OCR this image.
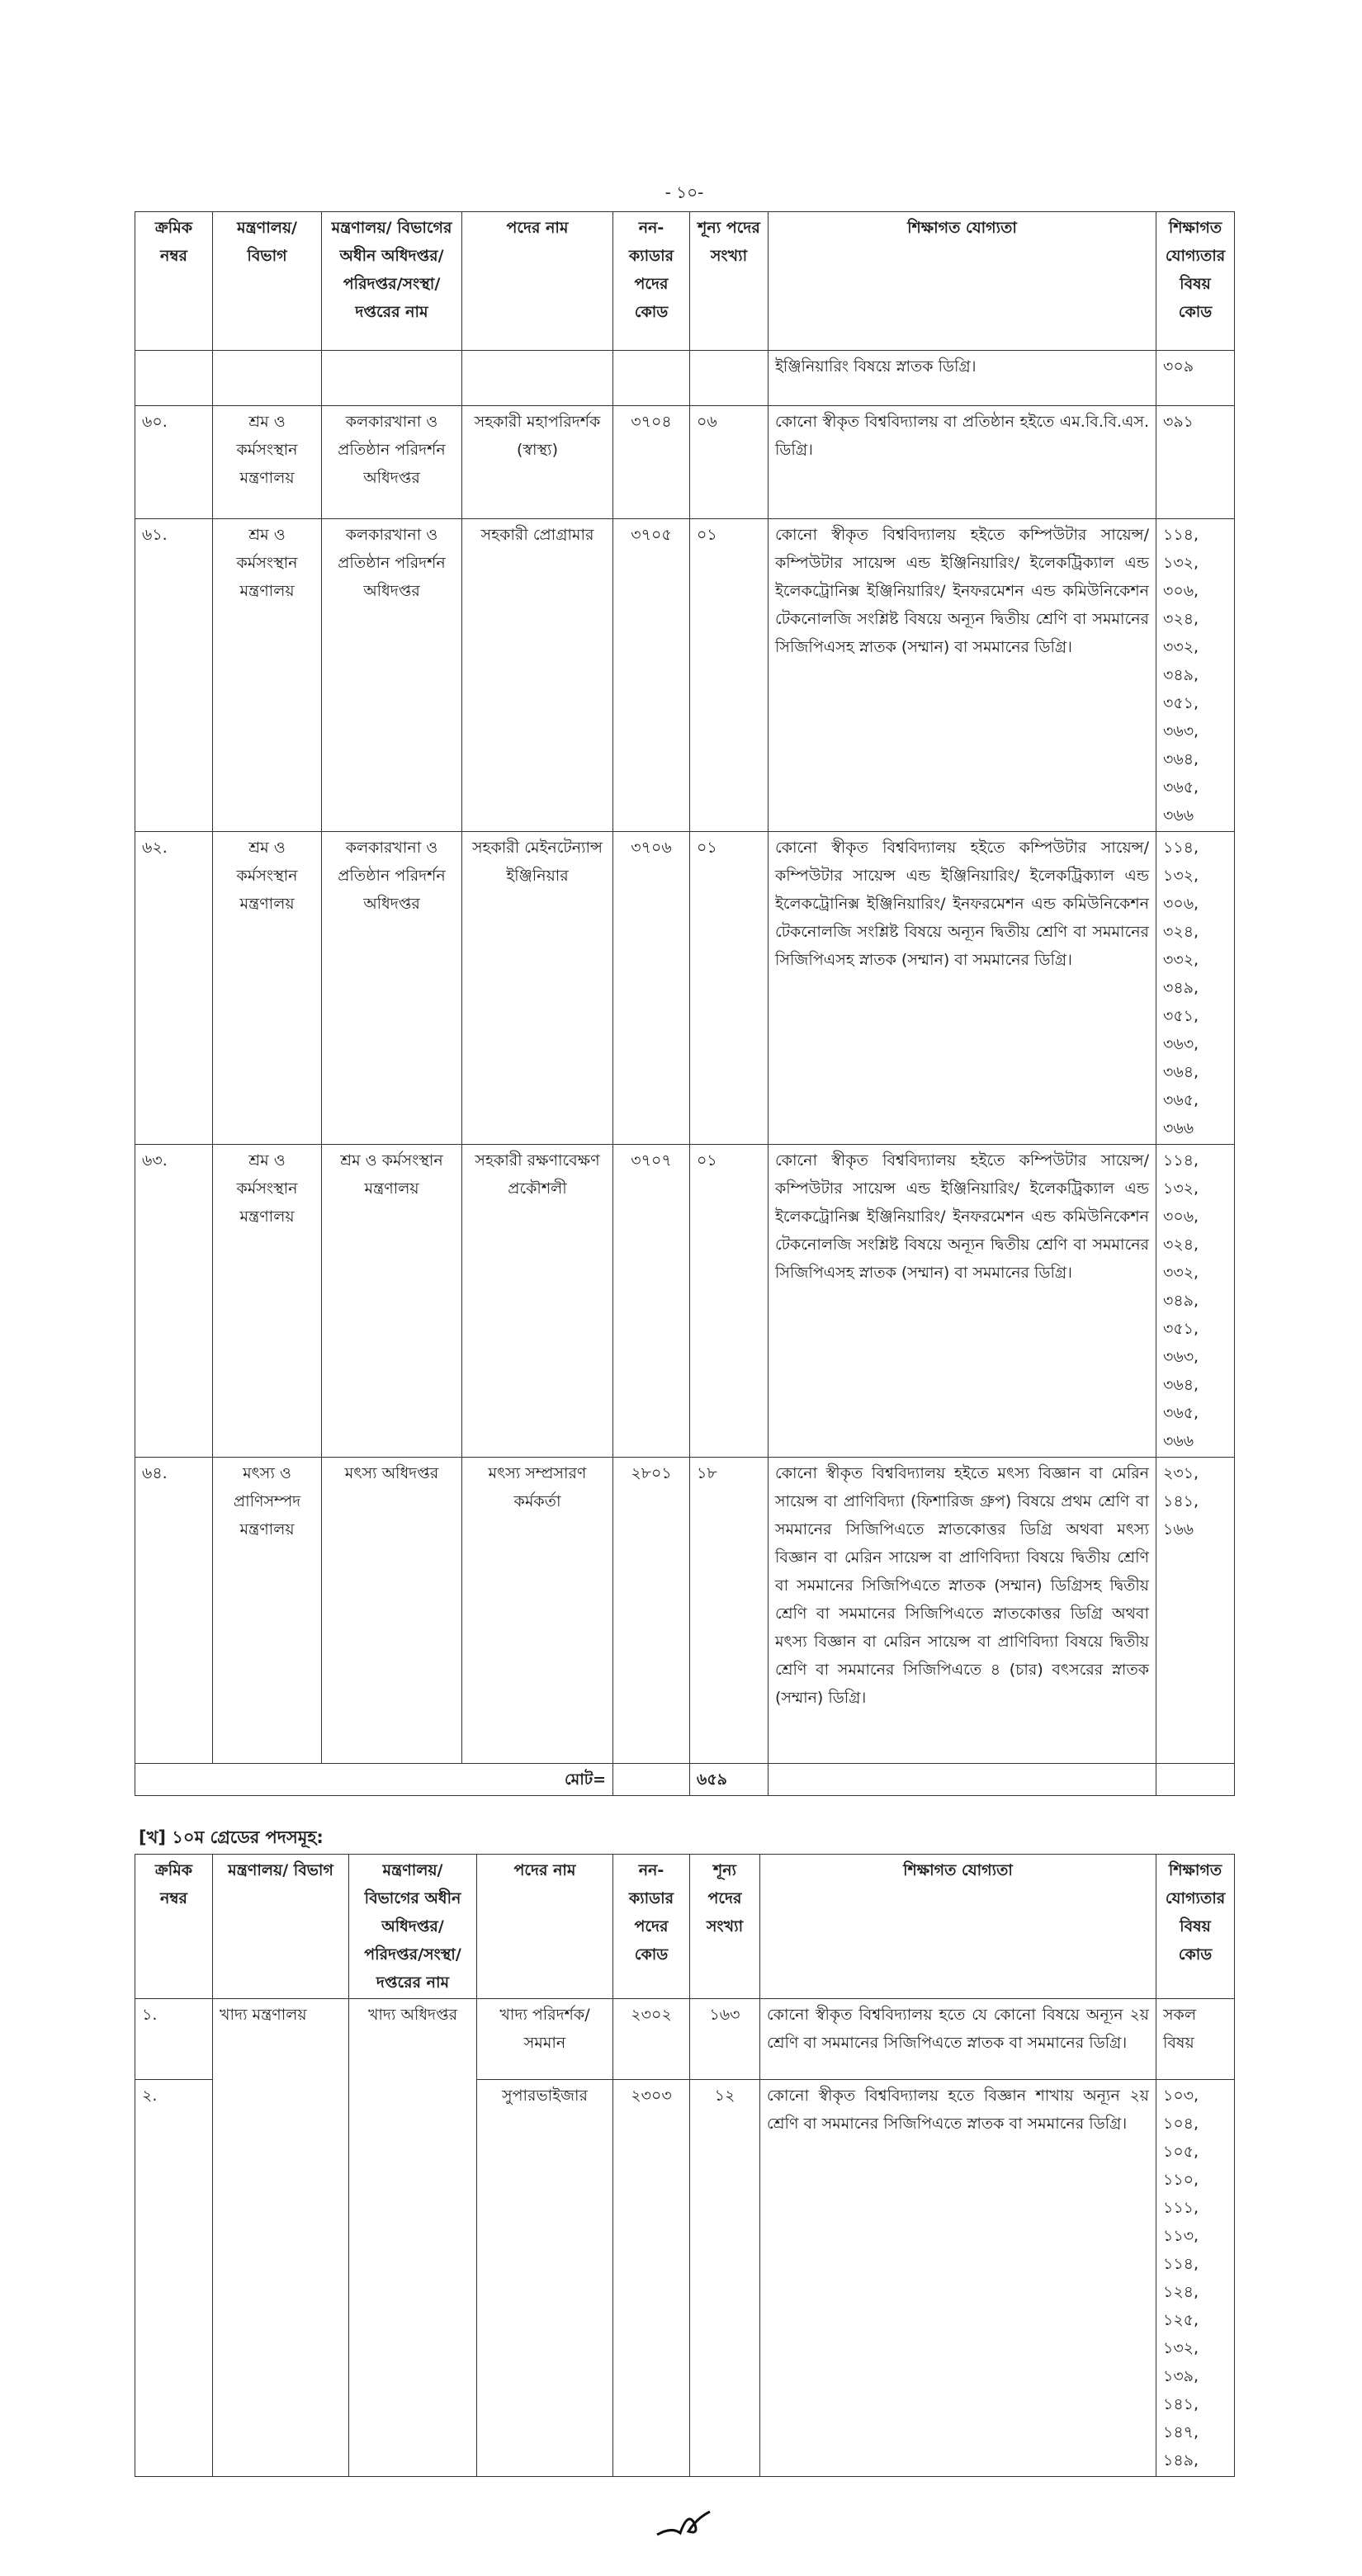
- ১০-
ক্রমিক নম্বর	মন্ত্রণালয়/ বিভাগ	মন্ত্রণালয়/ বিভাগের অধীন অধিদপ্তর/ পরিদপ্তর/সংস্থা/ দপ্তরের নাম	পদের নাম	নন-ক্যাডার পদের কোড	শূন্য পদের সংখ্যা	শিক্ষাগত যোগ্যতা	শিক্ষাগত যোগ্যতার বিষয় কোড
						ইঞ্জিনিয়ারিং বিষয়ে স্নাতক ডিগ্রি।	৩০৯
৬০.	শ্রম ও কর্মসংস্থান মন্ত্রণালয়	কলকারখানা ও প্রতিষ্ঠান পরিদর্শন অধিদপ্তর	সহকারী মহাপরিদর্শক (স্বাস্থ্য)	৩৭০৪	০৬	কোনো স্বীকৃত বিশ্ববিদ্যালয় বা প্রতিষ্ঠান হইতে এম.বি.বি.এস. ডিগ্রি।	৩৯১
৬১.	শ্রম ও কর্মসংস্থান মন্ত্রণালয়	কলকারখানা ও প্রতিষ্ঠান পরিদর্শন অধিদপ্তর	সহকারী প্রোগ্রামার	৩৭০৫	০১	কোনো স্বীকৃত বিশ্ববিদ্যালয় হইতে কম্পিউটার সায়েন্স/ কম্পিউটার সায়েন্স এন্ড ইঞ্জিনিয়ারিং/ ইলেকট্রিক্যাল এন্ড ইলেকট্রোনিক্স ইঞ্জিনিয়ারিং/ ইনফরমেশন এন্ড কমিউনিকেশন টেকনোলজি সংশ্লিষ্ট বিষয়ে অন্যূন দ্বিতীয় শ্রেণি বা সমমানের সিজিপিএসহ স্নাতক (সম্মান) বা সমমানের ডিগ্রি।	১১৪, ১৩২, ৩০৬, ৩২৪, ৩৩২, ৩৪৯, ৩৫১, ৩৬৩, ৩৬৪, ৩৬৫, ৩৬৬
৬২.	শ্রম ও কর্মসংস্থান মন্ত্রণালয়	কলকারখানা ও প্রতিষ্ঠান পরিদর্শন অধিদপ্তর	সহকারী মেইনটেন্যান্স ইঞ্জিনিয়ার	৩৭০৬	০১	কোনো স্বীকৃত বিশ্ববিদ্যালয় হইতে কম্পিউটার সায়েন্স/ কম্পিউটার সায়েন্স এন্ড ইঞ্জিনিয়ারিং/ ইলেকট্রিক্যাল এন্ড ইলেকট্রোনিক্স ইঞ্জিনিয়ারিং/ ইনফরমেশন এন্ড কমিউনিকেশন টেকনোলজি সংশ্লিষ্ট বিষয়ে অন্যূন দ্বিতীয় শ্রেণি বা সমমানের সিজিপিএসহ স্নাতক (সম্মান) বা সমমানের ডিগ্রি।	১১৪, ১৩২, ৩০৬, ৩২৪, ৩৩২, ৩৪৯, ৩৫১, ৩৬৩, ৩৬৪, ৩৬৫, ৩৬৬
৬৩.	শ্রম ও কর্মসংস্থান মন্ত্রণালয়	শ্রম ও কর্মসংস্থান মন্ত্রণালয়	সহকারী রক্ষণাবেক্ষণ প্রকৌশলী	৩৭০৭	০১	কোনো স্বীকৃত বিশ্ববিদ্যালয় হইতে কম্পিউটার সায়েন্স/ কম্পিউটার সায়েন্স এন্ড ইঞ্জিনিয়ারিং/ ইলেকট্রিক্যাল এন্ড ইলেকট্রোনিক্স ইঞ্জিনিয়ারিং/ ইনফরমেশন এন্ড কমিউনিকেশন টেকনোলজি সংশ্লিষ্ট বিষয়ে অন্যূন দ্বিতীয় শ্রেণি বা সমমানের সিজিপিএসহ স্নাতক (সম্মান) বা সমমানের ডিগ্রি।	১১৪, ১৩২, ৩০৬, ৩২৪, ৩৩২, ৩৪৯, ৩৫১, ৩৬৩, ৩৬৪, ৩৬৫, ৩৬৬
৬৪.	মৎস্য ও প্রাণিসম্পদ মন্ত্রণালয়	মৎস্য অধিদপ্তর	মৎস্য সম্প্রসারণ কর্মকর্তা	২৮০১	১৮	কোনো স্বীকৃত বিশ্ববিদ্যালয় হইতে মৎস্য বিজ্ঞান বা মেরিন সায়েন্স বা প্রাণিবিদ্যা (ফিশারিজ গ্রুপ) বিষয়ে প্রথম শ্রেণি বা সমমানের সিজিপিএতে স্নাতকোত্তর ডিগ্রি অথবা মৎস্য বিজ্ঞান বা মেরিন সায়েন্স বা প্রাণিবিদ্যা বিষয়ে দ্বিতীয় শ্রেণি বা সমমানের সিজিপিএতে স্নাতক (সম্মান) ডিগ্রিসহ দ্বিতীয় শ্রেণি বা সমমানের সিজিপিএতে স্নাতকোত্তর ডিগ্রি অথবা মৎস্য বিজ্ঞান বা মেরিন সায়েন্স বা প্রাণিবিদ্যা বিষয়ে দ্বিতীয় শ্রেণি বা সমমানের সিজিপিএতে ৪ (চার) বৎসরের স্নাতক (সম্মান) ডিগ্রি।	২৩১, ১৪১, ১৬৬
মোট=					৬৫৯		
[খ] ১০ম গ্রেডের পদসমূহ:
ক্রমিক নম্বর	মন্ত্রণালয়/ বিভাগ	মন্ত্রণালয়/ বিভাগের অধীন অধিদপ্তর/ পরিদপ্তর/সংস্থা/ দপ্তরের নাম	পদের নাম	নন-ক্যাডার পদের কোড	শূন্য পদের সংখ্যা	শিক্ষাগত যোগ্যতা	শিক্ষাগত যোগ্যতার বিষয় কোড
১.	খাদ্য মন্ত্রণালয়	খাদ্য অধিদপ্তর	খাদ্য পরিদর্শক/ সমমান	২৩০২	১৬৩	কোনো স্বীকৃত বিশ্ববিদ্যালয় হতে যে কোনো বিষয়ে অন্যূন ২য় শ্রেণি বা সমমানের সিজিপিএতে স্নাতক বা সমমানের ডিগ্রি।	সকল বিষয়
২.			সুপারভাইজার	২৩০৩	১২	কোনো স্বীকৃত বিশ্ববিদ্যালয় হতে বিজ্ঞান শাখায় অন্যূন ২য় শ্রেণি বা সমমানের সিজিপিএতে স্নাতক বা সমমানের ডিগ্রি।	১০৩, ১০৪, ১০৫, ১১০, ১১১, ১১৩, ১১৪, ১২৪, ১২৫, ১৩২, ১৩৯, ১৪১, ১৪৭, ১৪৯,
